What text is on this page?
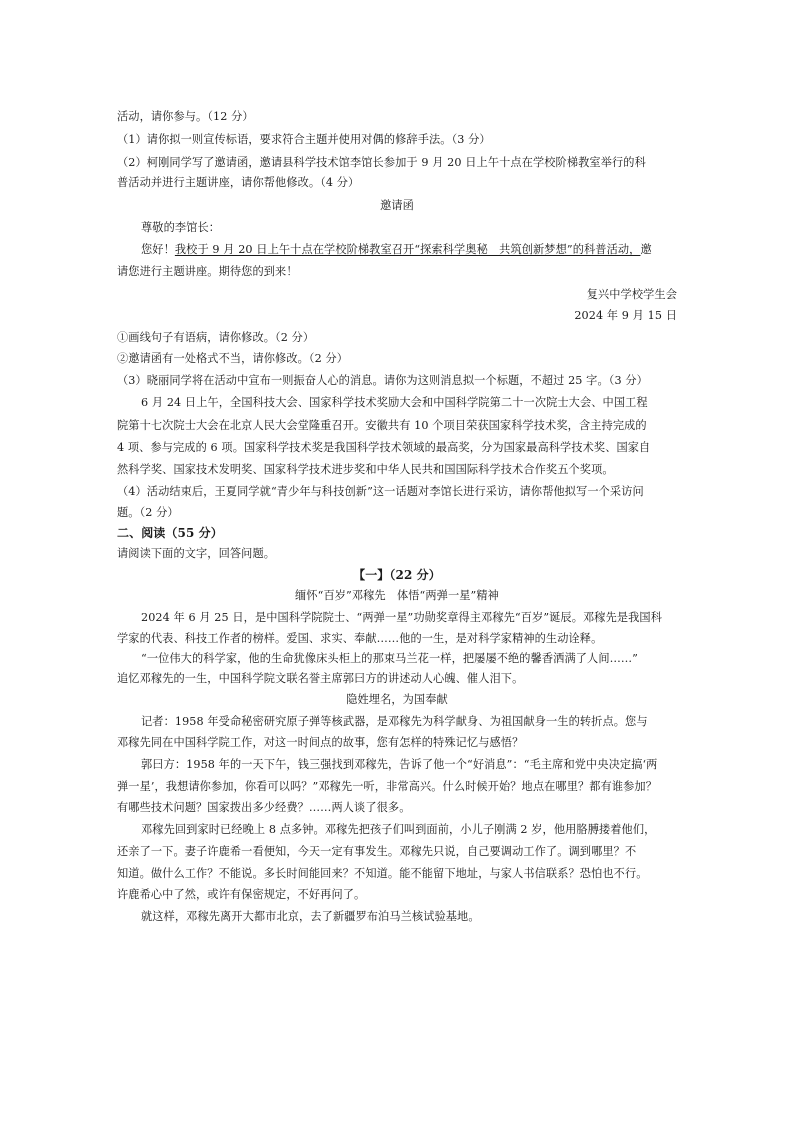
活动，请你参与。（12 分）
（1）请你拟一则宣传标语，要求符合主题并使用对偶的修辞手法。（3 分）
（2）柯刚同学写了邀请函，邀请县科学技术馆李馆长参加于 9 月 20 日上午十点在学校阶梯教室举行的科
普活动并进行主题讲座，请你帮他修改。（4 分）
邀请函
尊敬的李馆长：
您好！我校于 9 月 20 日上午十点在学校阶梯教室召开“探索科学奥秘　共筑创新梦想”的科普活动，邀
请您进行主题讲座。期待您的到来！
复兴中学校学生会
2024 年 9 月 15 日
①画线句子有语病，请你修改。（2 分）
②邀请函有一处格式不当，请你修改。（2 分）
（3）晓丽同学将在活动中宣布一则振奋人心的消息。请你为这则消息拟一个标题，不超过 25 字。（3 分）
6 月 24 日上午，全国科技大会、国家科学技术奖励大会和中国科学院第二十一次院士大会、中国工程
院第十七次院士大会在北京人民大会堂隆重召开。安徽共有 10 个项目荣获国家科学技术奖，含主持完成的
4 项、参与完成的 6 项。国家科学技术奖是我国科学技术领域的最高奖，分为国家最高科学技术奖、国家自
然科学奖、国家技术发明奖、国家科学技术进步奖和中华人民共和国国际科学技术合作奖五个奖项。
（4）活动结束后，王夏同学就“青少年与科技创新”这一话题对李馆长进行采访，请你帮他拟写一个采访问
题。（2 分）
二、阅读（55 分）
请阅读下面的文字，回答问题。
【一】（22 分）
缅怀“百岁”邓稼先　体悟“两弹一星”精神
2024 年 6 月 25 日，是中国科学院院士、“两弹一星”功勋奖章得主邓稼先“百岁”诞辰。邓稼先是我国科
学家的代表、科技工作者的榜样。爱国、求实、奉献……他的一生，是对科学家精神的生动诠释。
“一位伟大的科学家，他的生命犹像床头柜上的那束马兰花一样，把屡屡不绝的馨香洒满了人间……”
追忆邓稼先的一生，中国科学院文联名誉主席郭曰方的讲述动人心魄、催人泪下。
隐姓埋名，为国奉献
记者：1958 年受命秘密研究原子弹等核武器，是邓稼先为科学献身、为祖国献身一生的转折点。您与
邓稼先同在中国科学院工作，对这一时间点的故事，您有怎样的特殊记忆与感悟？
郭曰方：1958 年的一天下午，钱三强找到邓稼先，告诉了他一个“好消息”：“毛主席和党中央决定搞‘两
弹一星’，我想请你参加，你看可以吗？”邓稼先一听，非常高兴。什么时候开始？地点在哪里？都有谁参加？
有哪些技术问题？国家拨出多少经费？……两人谈了很多。
邓稼先回到家时已经晚上 8 点多钟。邓稼先把孩子们叫到面前，小儿子刚满 2 岁，他用胳膊搂着他们，
还亲了一下。妻子许鹿希一看便知，今天一定有事发生。邓稼先只说，自己要调动工作了。调到哪里？不
知道。做什么工作？不能说。多长时间能回来？不知道。能不能留下地址，与家人书信联系？恐怕也不行。
许鹿希心中了然，或许有保密规定，不好再问了。
就这样，邓稼先离开大都市北京，去了新疆罗布泊马兰核试验基地。
